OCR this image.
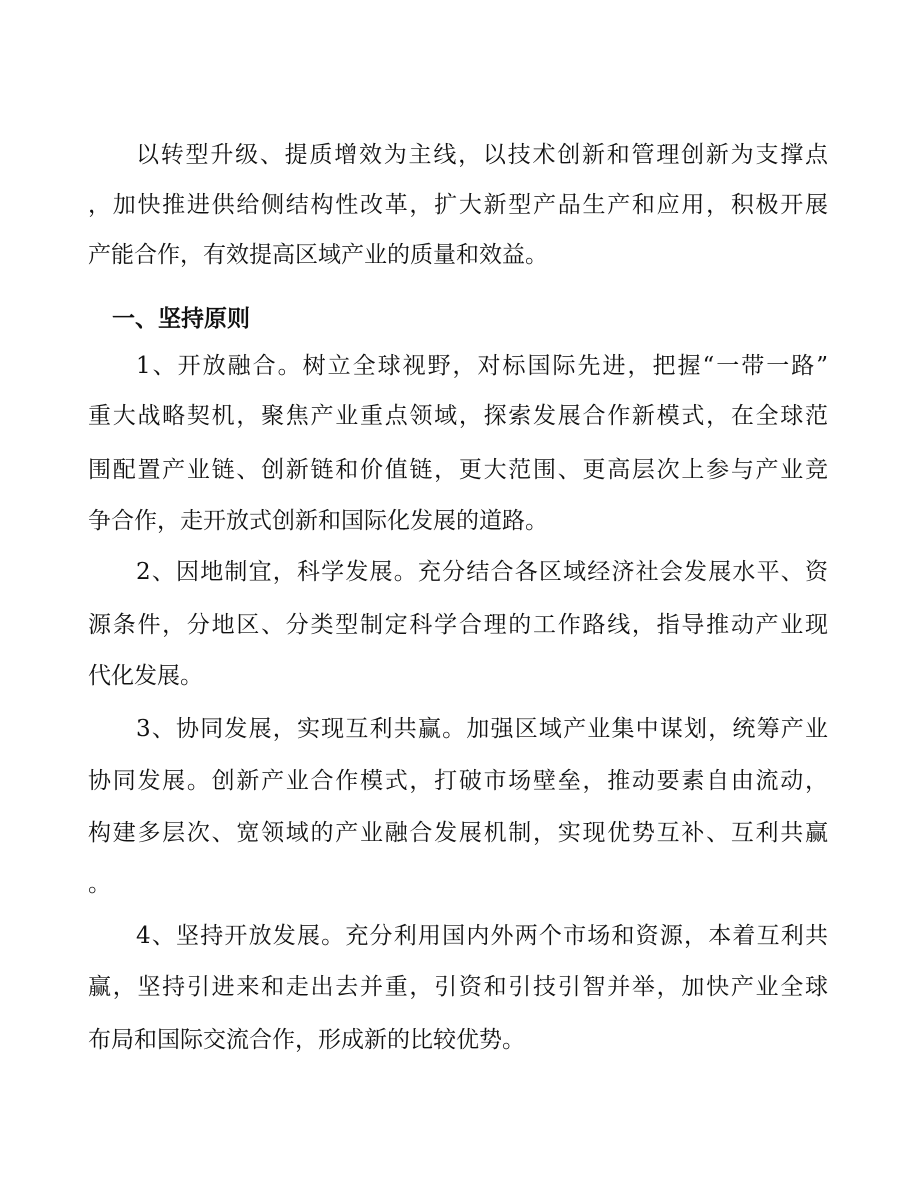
以转型升级、提质增效为主线，以技术创新和管理创新为支撑点
，加快推进供给侧结构性改革，扩大新型产品生产和应用，积极开展
产能合作，有效提高区域产业的质量和效益。
一、坚持原则
1、开放融合。树立全球视野，对标国际先进，把握“一带一路”
重大战略契机，聚焦产业重点领域，探索发展合作新模式，在全球范
围配置产业链、创新链和价值链，更大范围、更高层次上参与产业竞
争合作，走开放式创新和国际化发展的道路。
2、因地制宜，科学发展。充分结合各区域经济社会发展水平、资
源条件，分地区、分类型制定科学合理的工作路线，指导推动产业现
代化发展。
3、协同发展，实现互利共赢。加强区域产业集中谋划，统筹产业
协同发展。创新产业合作模式，打破市场壁垒，推动要素自由流动，
构建多层次、宽领域的产业融合发展机制，实现优势互补、互利共赢
。
4、坚持开放发展。充分利用国内外两个市场和资源，本着互利共
赢，坚持引进来和走出去并重，引资和引技引智并举，加快产业全球
布局和国际交流合作，形成新的比较优势。
